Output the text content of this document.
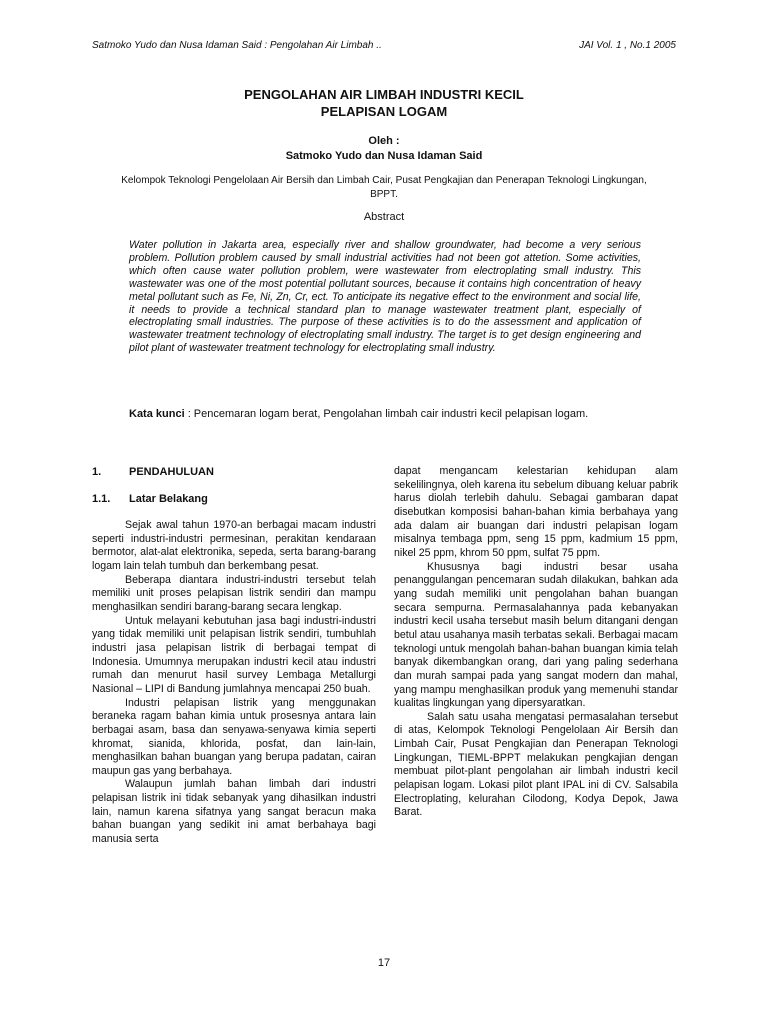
Satmoko Yudo dan Nusa Idaman Said : Pengolahan Air Limbah ..	JAI Vol. 1 , No.1 2005
PENGOLAHAN AIR LIMBAH INDUSTRI KECIL
PELAPISAN LOGAM
Oleh :
Satmoko Yudo dan Nusa Idaman Said
Kelompok Teknologi Pengelolaan Air Bersih dan Limbah Cair, Pusat Pengkajian dan Penerapan Teknologi Lingkungan, BPPT.
Abstract
Water pollution in Jakarta area, especially river and shallow groundwater, had become a very serious problem. Pollution problem caused by small industrial activities had not been got attetion. Some activities, which often cause water pollution problem, were wastewater from electroplating small industry. This wastewater was one of the most potential pollutant sources, because it contains high concentration of heavy metal pollutant such as Fe, Ni, Zn, Cr, ect. To anticipate its negative effect to the environment and social life, it needs to provide a technical standard plan to manage wastewater treatment plant, especially of electroplating small industries. The purpose of these activities is to do the assessment and application of wastewater treatment technology of electroplating small industry. The target is to get design engineering and pilot plant of wastewater treatment technology for electroplating small industry.
Kata kunci : Pencemaran logam berat, Pengolahan limbah cair industri kecil pelapisan logam.
1.	PENDAHULUAN
1.1. Latar Belakang

Sejak awal tahun 1970-an berbagai macam industri seperti industri-industri permesinan, perakitan kendaraan bermotor, alat-alat elektronika, sepeda, serta barang-barang logam lain telah tumbuh dan berkembang pesat.

Beberapa diantara industri-industri tersebut telah memiliki unit proses pelapisan listrik sendiri dan mampu menghasilkan sendiri barang-barang secara lengkap.

Untuk melayani kebutuhan jasa bagi industri-industri yang tidak memiliki unit pelapisan listrik sendiri, tumbuhlah industri jasa pelapisan listrik di berbagai tempat di Indonesia. Umumnya merupakan industri kecil atau industri rumah dan menurut hasil survey Lembaga Metallurgi Nasional – LIPI di Bandung jumlahnya mencapai 250 buah.

Industri pelapisan listrik yang menggunakan beraneka ragam bahan kimia untuk prosesnya antara lain berbagai asam, basa dan senyawa-senyawa kimia seperti khromat, sianida, khlorida, posfat, dan lain-lain, menghasilkan bahan buangan yang berupa padatan, cairan maupun gas yang berbahaya.

Walaupun jumlah bahan limbah dari industri pelapisan listrik ini tidak sebanyak yang dihasilkan industri lain, namun karena sifatnya yang sangat beracun maka bahan buangan yang sedikit ini amat berbahaya bagi manusia serta

dapat mengancam kelestarian kehidupan alam sekelilingnya, oleh karena itu sebelum dibuang keluar pabrik harus diolah terlebih dahulu. Sebagai gambaran dapat disebutkan komposisi bahan-bahan kimia berbahaya yang ada dalam air buangan dari industri pelapisan logam misalnya tembaga ppm, seng 15 ppm, kadmium 15 ppm, nikel 25 ppm, khrom 50 ppm, sulfat 75 ppm.

Khususnya bagi industri besar usaha penanggulangan pencemaran sudah dilakukan, bahkan ada yang sudah memiliki unit pengolahan bahan buangan secara sempurna. Permasalahannya pada kebanyakan industri kecil usaha tersebut masih belum ditangani dengan betul atau usahanya masih terbatas sekali. Berbagai macam teknologi untuk mengolah bahan-bahan buangan kimia telah banyak dikembangkan orang, dari yang paling sederhana dan murah sampai pada yang sangat modern dan mahal, yang mampu menghasilkan produk yang memenuhi standar kualitas lingkungan yang dipersyaratkan.

Salah satu usaha mengatasi permasalahan tersebut di atas, Kelompok Teknologi Pengelolaan Air Bersih dan Limbah Cair, Pusat Pengkajian dan Penerapan Teknologi Lingkungan, TIEML-BPPT melakukan pengkajian dengan membuat pilot-plant pengolahan air limbah industri kecil pelapisan logam. Lokasi pilot plant IPAL ini di CV. Salsabila Electroplating, kelurahan Cilodong, Kodya Depok, Jawa Barat.

17
